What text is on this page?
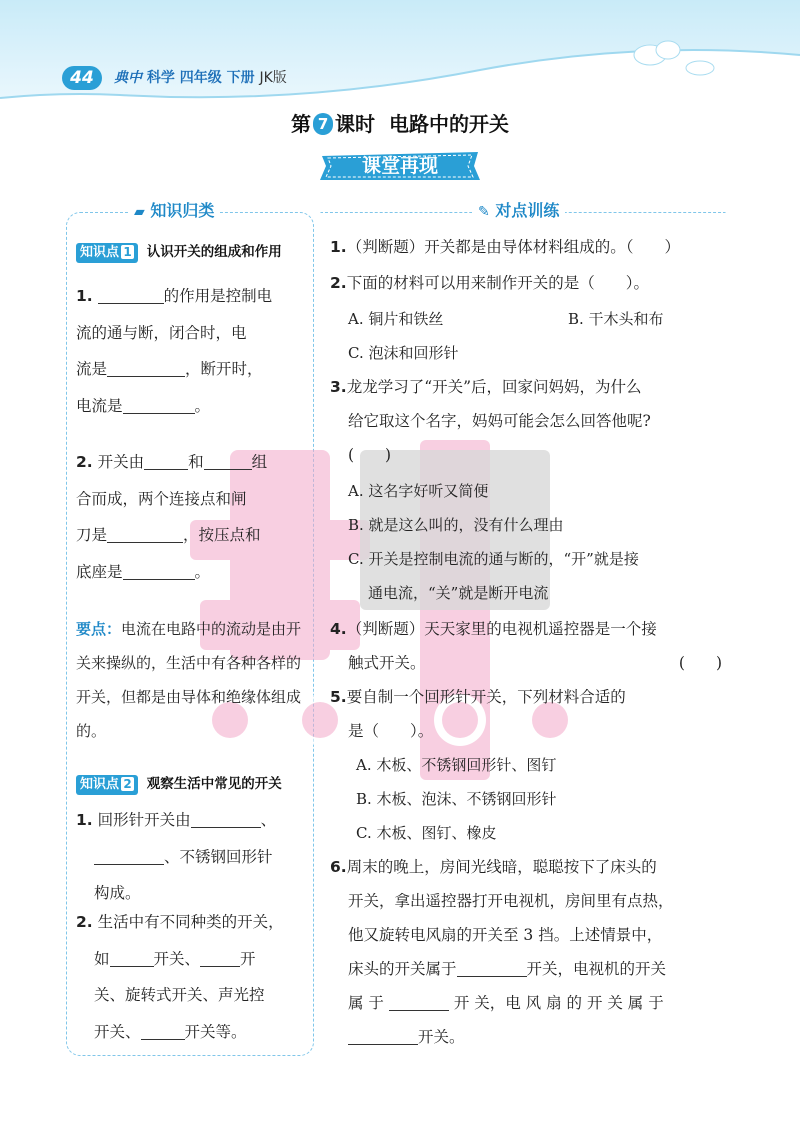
44	典中 科学 四年级 下册 JK版
第 7 课时 电路中的开关
课堂再现
▰ 知识归类	✎ 对点训练
知识点 1 认识开关的组成和作用
1.	的作用是控制电
流的通与断，闭合时，电
流是	，断开时，
电流是	。
2. 开关由	和	组
合而成，两个连接点和闸
刀是	，按压点和
底座是	。
要点：电流在电路中的流动是由开关来操纵的，生活中有各种各样的开关，但都是由导体和绝缘体组成的。
知识点 2 观察生活中常见的开关
1. 回形针开关由	、
、不锈钢回形针
构成。
2. 生活中有不同种类的开关，
如	开关、	开
关、旋转式开关、声光控
开关、	开关等。
1.（判断题）开关都是由导体材料组成的。（　　）
2.下面的材料可以用来制作开关的是（　　）。
A. 铜片和铁丝	B. 干木头和布
C. 泡沫和回形针
3.龙龙学习了“开关”后，回家问妈妈，为什么
给它取这个名字，妈妈可能会怎么回答他呢?
(　　)
A. 这名字好听又简便
B. 就是这么叫的，没有什么理由
C. 开关是控制电流的通与断的，“开”就是接
通电流，“关”就是断开电流
4.（判断题）天天家里的电视机遥控器是一个接
触式开关。	(　　)
5.要自制一个回形针开关，下列材料合适的
是（　　）。
A. 木板、不锈钢回形针、图钉
B. 木板、泡沫、不锈钢回形针
C. 木板、图钉、橡皮
6.周末的晚上，房间光线暗，聪聪按下了床头的
开关，拿出遥控器打开电视机，房间里有点热，
他又旋转电风扇的开关至 3 挡。上述情景中，
床头的开关属于	开关，电视机的开关
属 于	开 关，电 风 扇 的 开 关 属 于
开关。
